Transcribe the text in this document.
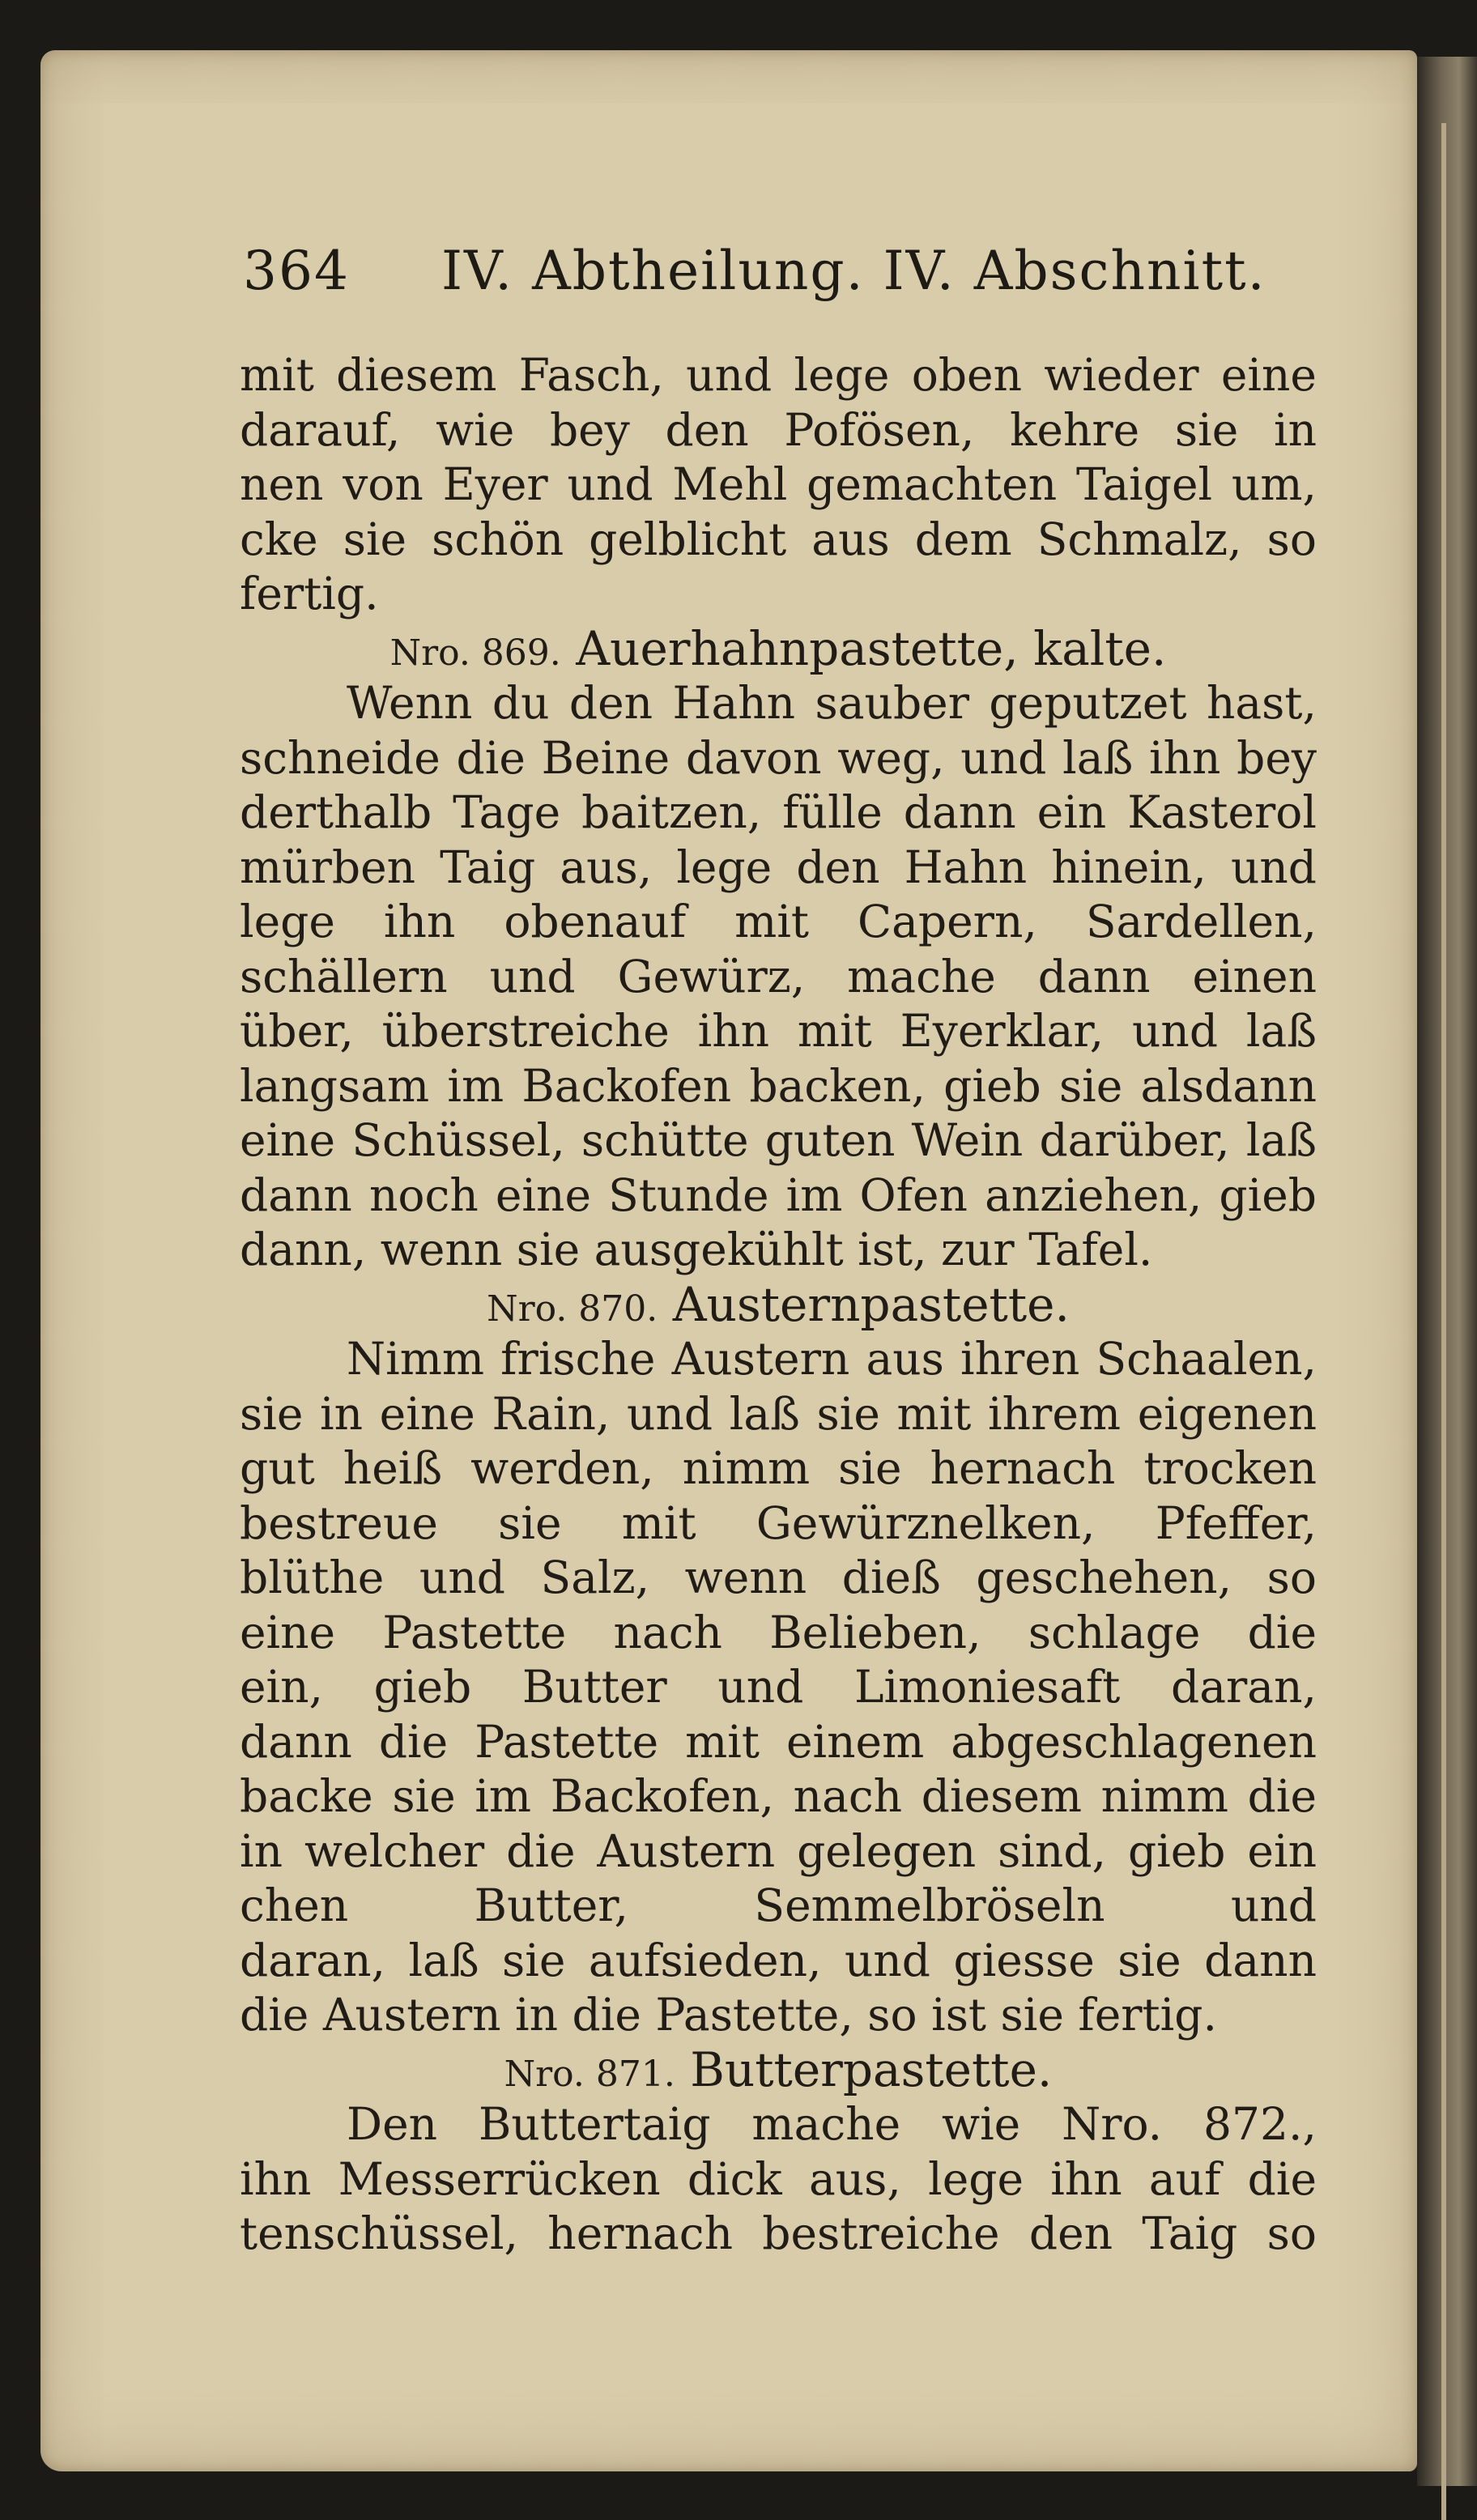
364 IV. Abtheilung. IV. Abschnitt.
mit diesem Fasch, und lege oben wieder eine
darauf, wie bey den Pofösen, kehre sie in
nen von Eyer und Mehl gemachten Taigel um,
cke sie schön gelblicht aus dem Schmalz, so
fertig.
Nro. 869. Auerhahnpastette, kalte.
Wenn du den Hahn sauber geputzet hast,
schneide die Beine davon weg, und laß ihn bey
derthalb Tage baitzen, fülle dann ein Kasterol
mürben Taig aus, lege den Hahn hinein, und
lege ihn obenauf mit Capern, Sardellen,
schällern und Gewürz, mache dann einen
über, überstreiche ihn mit Eyerklar, und laß
langsam im Backofen backen, gieb sie alsdann
eine Schüssel, schütte guten Wein darüber, laß
dann noch eine Stunde im Ofen anziehen, gieb
dann, wenn sie ausgekühlt ist, zur Tafel.
Nro. 870. Austernpastette.
Nimm frische Austern aus ihren Schaalen,
sie in eine Rain, und laß sie mit ihrem eigenen
gut heiß werden, nimm sie hernach trocken
bestreue sie mit Gewürznelken, Pfeffer,
blüthe und Salz, wenn dieß geschehen, so
eine Pastette nach Belieben, schlage die
ein, gieb Butter und Limoniesaft daran,
dann die Pastette mit einem abgeschlagenen
backe sie im Backofen, nach diesem nimm die
in welcher die Austern gelegen sind, gieb ein
chen Butter, Semmelbröseln und
daran, laß sie aufsieden, und giesse sie dann
die Austern in die Pastette, so ist sie fertig.
Nro. 871. Butterpastette.
Den Buttertaig mache wie Nro. 872.,
ihn Messerrücken dick aus, lege ihn auf die
tenschüssel, hernach bestreiche den Taig so
